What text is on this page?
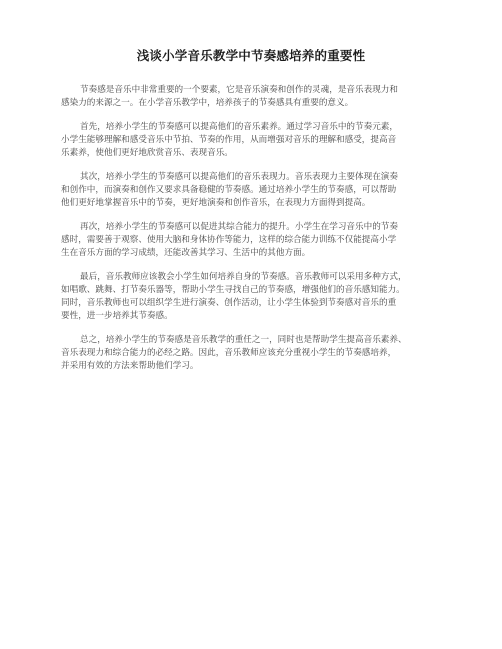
浅谈小学音乐教学中节奏感培养的重要性
节奏感是音乐中非常重要的一个要素，它是音乐演奏和创作的灵魂，是音乐表现力和
感染力的来源之一。在小学音乐教学中，培养孩子的节奏感具有重要的意义。
首先，培养小学生的节奏感可以提高他们的音乐素养。通过学习音乐中的节奏元素，
小学生能够理解和感受音乐中节拍、节奏的作用，从而增强对音乐的理解和感受，提高音
乐素养，使他们更好地欣赏音乐、表现音乐。
其次，培养小学生的节奏感可以提高他们的音乐表现力。音乐表现力主要体现在演奏
和创作中，而演奏和创作又要求具备稳健的节奏感。通过培养小学生的节奏感，可以帮助
他们更好地掌握音乐中的节奏，更好地演奏和创作音乐，在表现力方面得到提高。
再次，培养小学生的节奏感可以促进其综合能力的提升。小学生在学习音乐中的节奏
感时，需要善于观察、使用大脑和身体协作等能力，这样的综合能力训练不仅能提高小学
生在音乐方面的学习成绩，还能改善其学习、生活中的其他方面。
最后，音乐教师应该教会小学生如何培养自身的节奏感。音乐教师可以采用多种方式，
如唱歌、跳舞、打节奏乐器等，帮助小学生寻找自己的节奏感，增强他们的音乐感知能力。
同时，音乐教师也可以组织学生进行演奏、创作活动，让小学生体验到节奏感对音乐的重
要性，进一步培养其节奏感。
总之，培养小学生的节奏感是音乐教学的重任之一，同时也是帮助学生提高音乐素养、
音乐表现力和综合能力的必经之路。因此，音乐教师应该充分重视小学生的节奏感培养，
并采用有效的方法来帮助他们学习。
